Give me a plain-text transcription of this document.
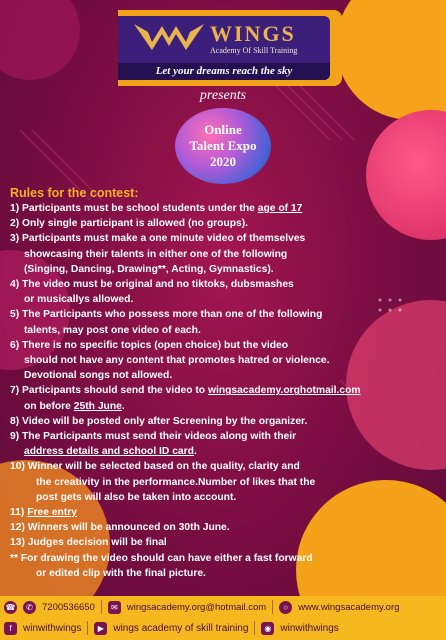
WINGS
Academy Of Skill Training
Let your dreams reach the sky
presents
Online
Talent Expo
2020
Rules for the contest:
1) Participants must be school students under the age of 17
2) Only single participant is allowed (no groups).
3) Participants must make a one minute video of themselves
showcasing their talents in either one of the following
(Singing, Dancing, Drawing**, Acting, Gymnastics).
4) The video must be original and no tiktoks, dubsmashes
or musicallys allowed.
5) The Participants who possess more than one of the following
talents, may post one video of each.
6) There is no specific topics (open choice) but the video
should not have any content that promotes hatred or violence.
Devotional songs not allowed.
7) Participants should send the video to wingsacademy.orghotmail.com
on before 25th June.
8) Video will be posted only after Screening by the organizer.
9) The Participants must send their videos along with their
address details and school ID card.
10) Winner will be selected based on the quality, clarity and
the creativity in the performance.Number of likes that the
post gets will also be taken into account.
11) Free entry
12) Winners will be announced on 30th June.
13) Judges decision will be final
** For drawing the video should can have either a fast forward
or edited clip with the final picture.
☎	✆ 7200536650	✉ wingsacademy.org@hotmail.com	○	www.wingsacademy.org
f	winwithwings	▶ wings academy of skill training	◉ winwithwings
